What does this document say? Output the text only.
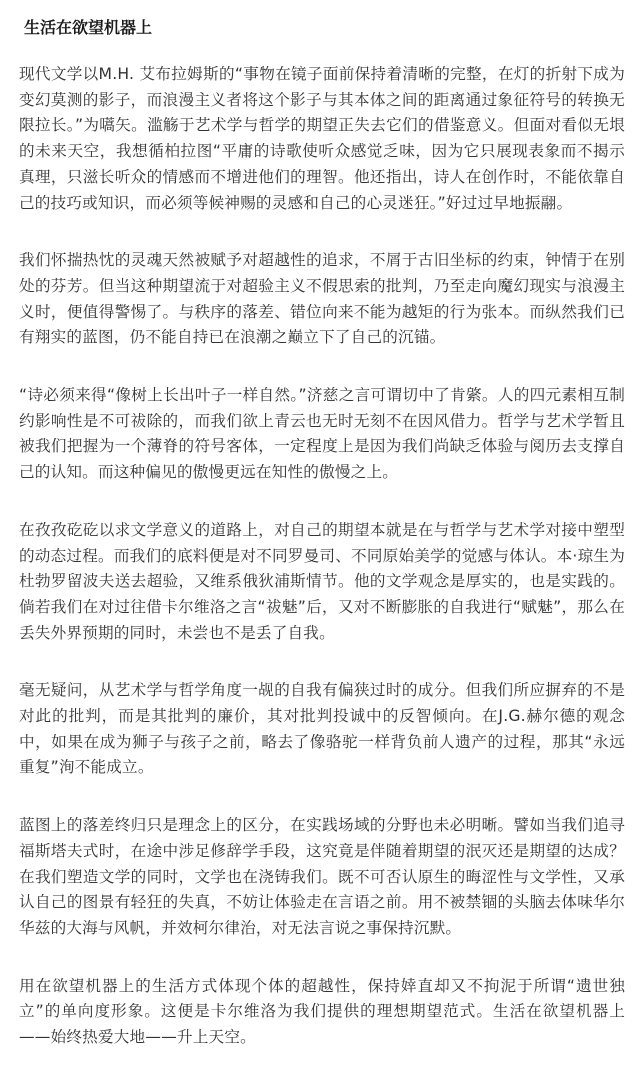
生活在欲望机器上

现代文学以M.H. 艾布拉姆斯的“事物在镜子面前保持着清晰的完整，在灯的折射下成为变幻莫测的影子，而浪漫主义者将这个影子与其本体之间的距离通过象征符号的转换无限拉长。”为嚆矢。滥觞于艺术学与哲学的期望正失去它们的借鉴意义。但面对看似无垠的未来天空，我想循柏拉图“平庸的诗歌使听众感觉乏味，因为它只展现表象而不揭示真理，只滋长听众的情感而不增进他们的理智。他还指出，诗人在创作时，不能依靠自己的技巧或知识，而必须等候神赐的灵感和自己的心灵迷狂。”好过过早地振翮。

我们怀揣热忱的灵魂天然被赋予对超越性的追求，不屑于古旧坐标的约束，钟情于在别处的芬芳。但当这种期望流于对超验主义不假思索的批判，乃至走向魔幻现实与浪漫主义时，便值得警惕了。与秩序的落差、错位向来不能为越矩的行为张本。而纵然我们已有翔实的蓝图，仍不能自持已在浪潮之巅立下了自己的沉锚。

“诗必须来得“像树上长出叶子一样自然。”济慈之言可谓切中了肯綮。人的四元素相互制约影响性是不可祓除的，而我们欲上青云也无时无刻不在因风借力。哲学与艺术学暂且被我们把握为一个薄脊的符号客体，一定程度上是因为我们尚缺乏体验与阅历去支撑自己的认知。而这种偏见的傲慢更远在知性的傲慢之上。

在孜孜矻矻以求文学意义的道路上，对自己的期望本就是在与哲学与艺术学对接中塑型的动态过程。而我们的底料便是对不同罗曼司、不同原始美学的觉感与体认。本·琼生为杜勃罗留波夫送去超验，又维系俄狄浦斯情节。他的文学观念是厚实的，也是实践的。倘若我们在对过往借卡尔维洛之言“祓魅”后，又对不断膨胀的自我进行“赋魅”，那么在丢失外界预期的同时，未尝也不是丢了自我。

毫无疑问，从艺术学与哲学角度一觇的自我有偏狭过时的成分。但我们所应摒弃的不是对此的批判，而是其批判的廉价，其对批判投诚中的反智倾向。在J.G.赫尔德的观念中，如果在成为狮子与孩子之前，略去了像骆驼一样背负前人遗产的过程，那其“永远重复”洵不能成立。

蓝图上的落差终归只是理念上的区分，在实践场域的分野也未必明晰。譬如当我们追寻福斯塔夫式时，在途中涉足修辞学手段，这究竟是伴随着期望的泯灭还是期望的达成？在我们塑造文学的同时，文学也在浇铸我们。既不可否认原生的晦涩性与文学性，又承认自己的图景有轻狂的失真，不妨让体验走在言语之前。用不被禁锢的头脑去体味华尔华兹的大海与风帆，并效柯尔律治，对无法言说之事保持沉默。

用在欲望机器上的生活方式体现个体的超越性，保持婞直却又不拘泥于所谓“遗世独立”的单向度形象。这便是卡尔维洛为我们提供的理想期望范式。生活在欲望机器上——始终热爱大地——升上天空。
